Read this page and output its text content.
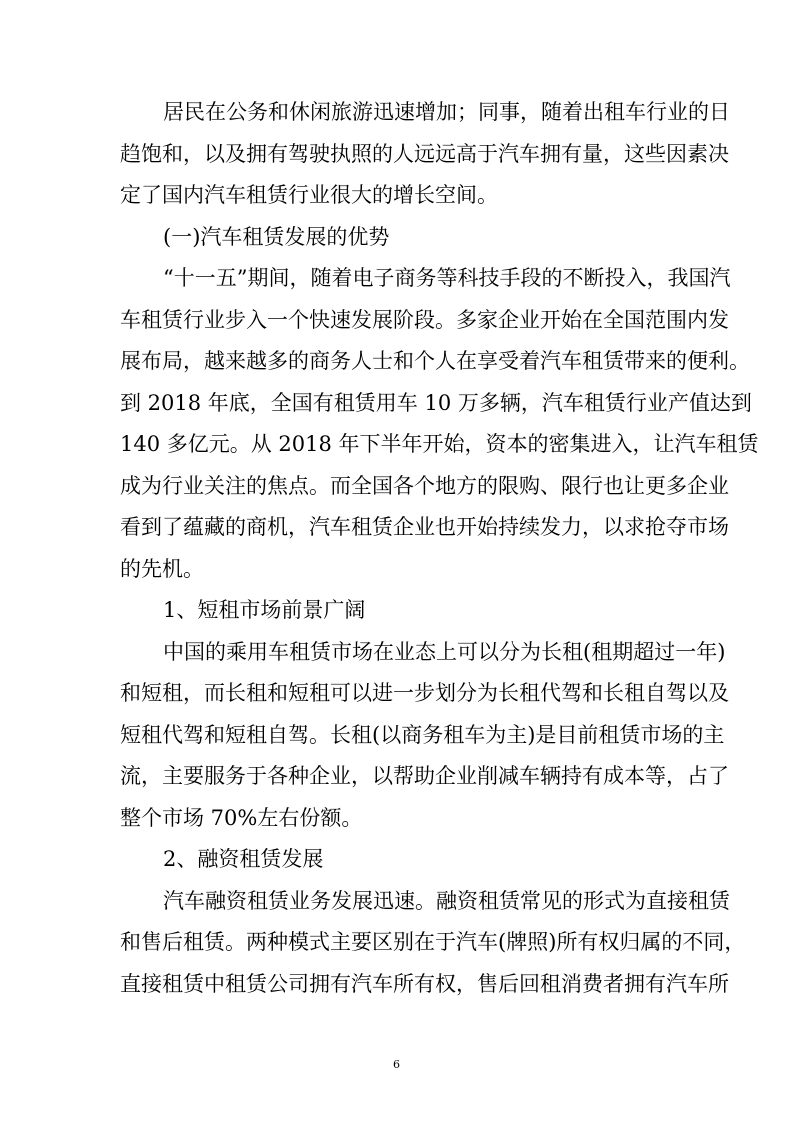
居民在公务和休闲旅游迅速增加；同事，随着出租车行业的日
趋饱和，以及拥有驾驶执照的人远远高于汽车拥有量，这些因素决
定了国内汽车租赁行业很大的增长空间。
(一)汽车租赁发展的优势
“十一五”期间，随着电子商务等科技手段的不断投入，我国汽
车租赁行业步入一个快速发展阶段。多家企业开始在全国范围内发
展布局，越来越多的商务人士和个人在享受着汽车租赁带来的便利。
到 2018 年底，全国有租赁用车 10 万多辆，汽车租赁行业产值达到
140 多亿元。从 2018 年下半年开始，资本的密集进入，让汽车租赁
成为行业关注的焦点。而全国各个地方的限购、限行也让更多企业
看到了蕴藏的商机，汽车租赁企业也开始持续发力，以求抢夺市场
的先机。
1、短租市场前景广阔
中国的乘用车租赁市场在业态上可以分为长租(租期超过一年)
和短租，而长租和短租可以进一步划分为长租代驾和长租自驾以及
短租代驾和短租自驾。长租(以商务租车为主)是目前租赁市场的主
流，主要服务于各种企业，以帮助企业削减车辆持有成本等，占了
整个市场 70%左右份额。
2、融资租赁发展
汽车融资租赁业务发展迅速。融资租赁常见的形式为直接租赁
和售后租赁。两种模式主要区别在于汽车(牌照)所有权归属的不同，
直接租赁中租赁公司拥有汽车所有权，售后回租消费者拥有汽车所
6
